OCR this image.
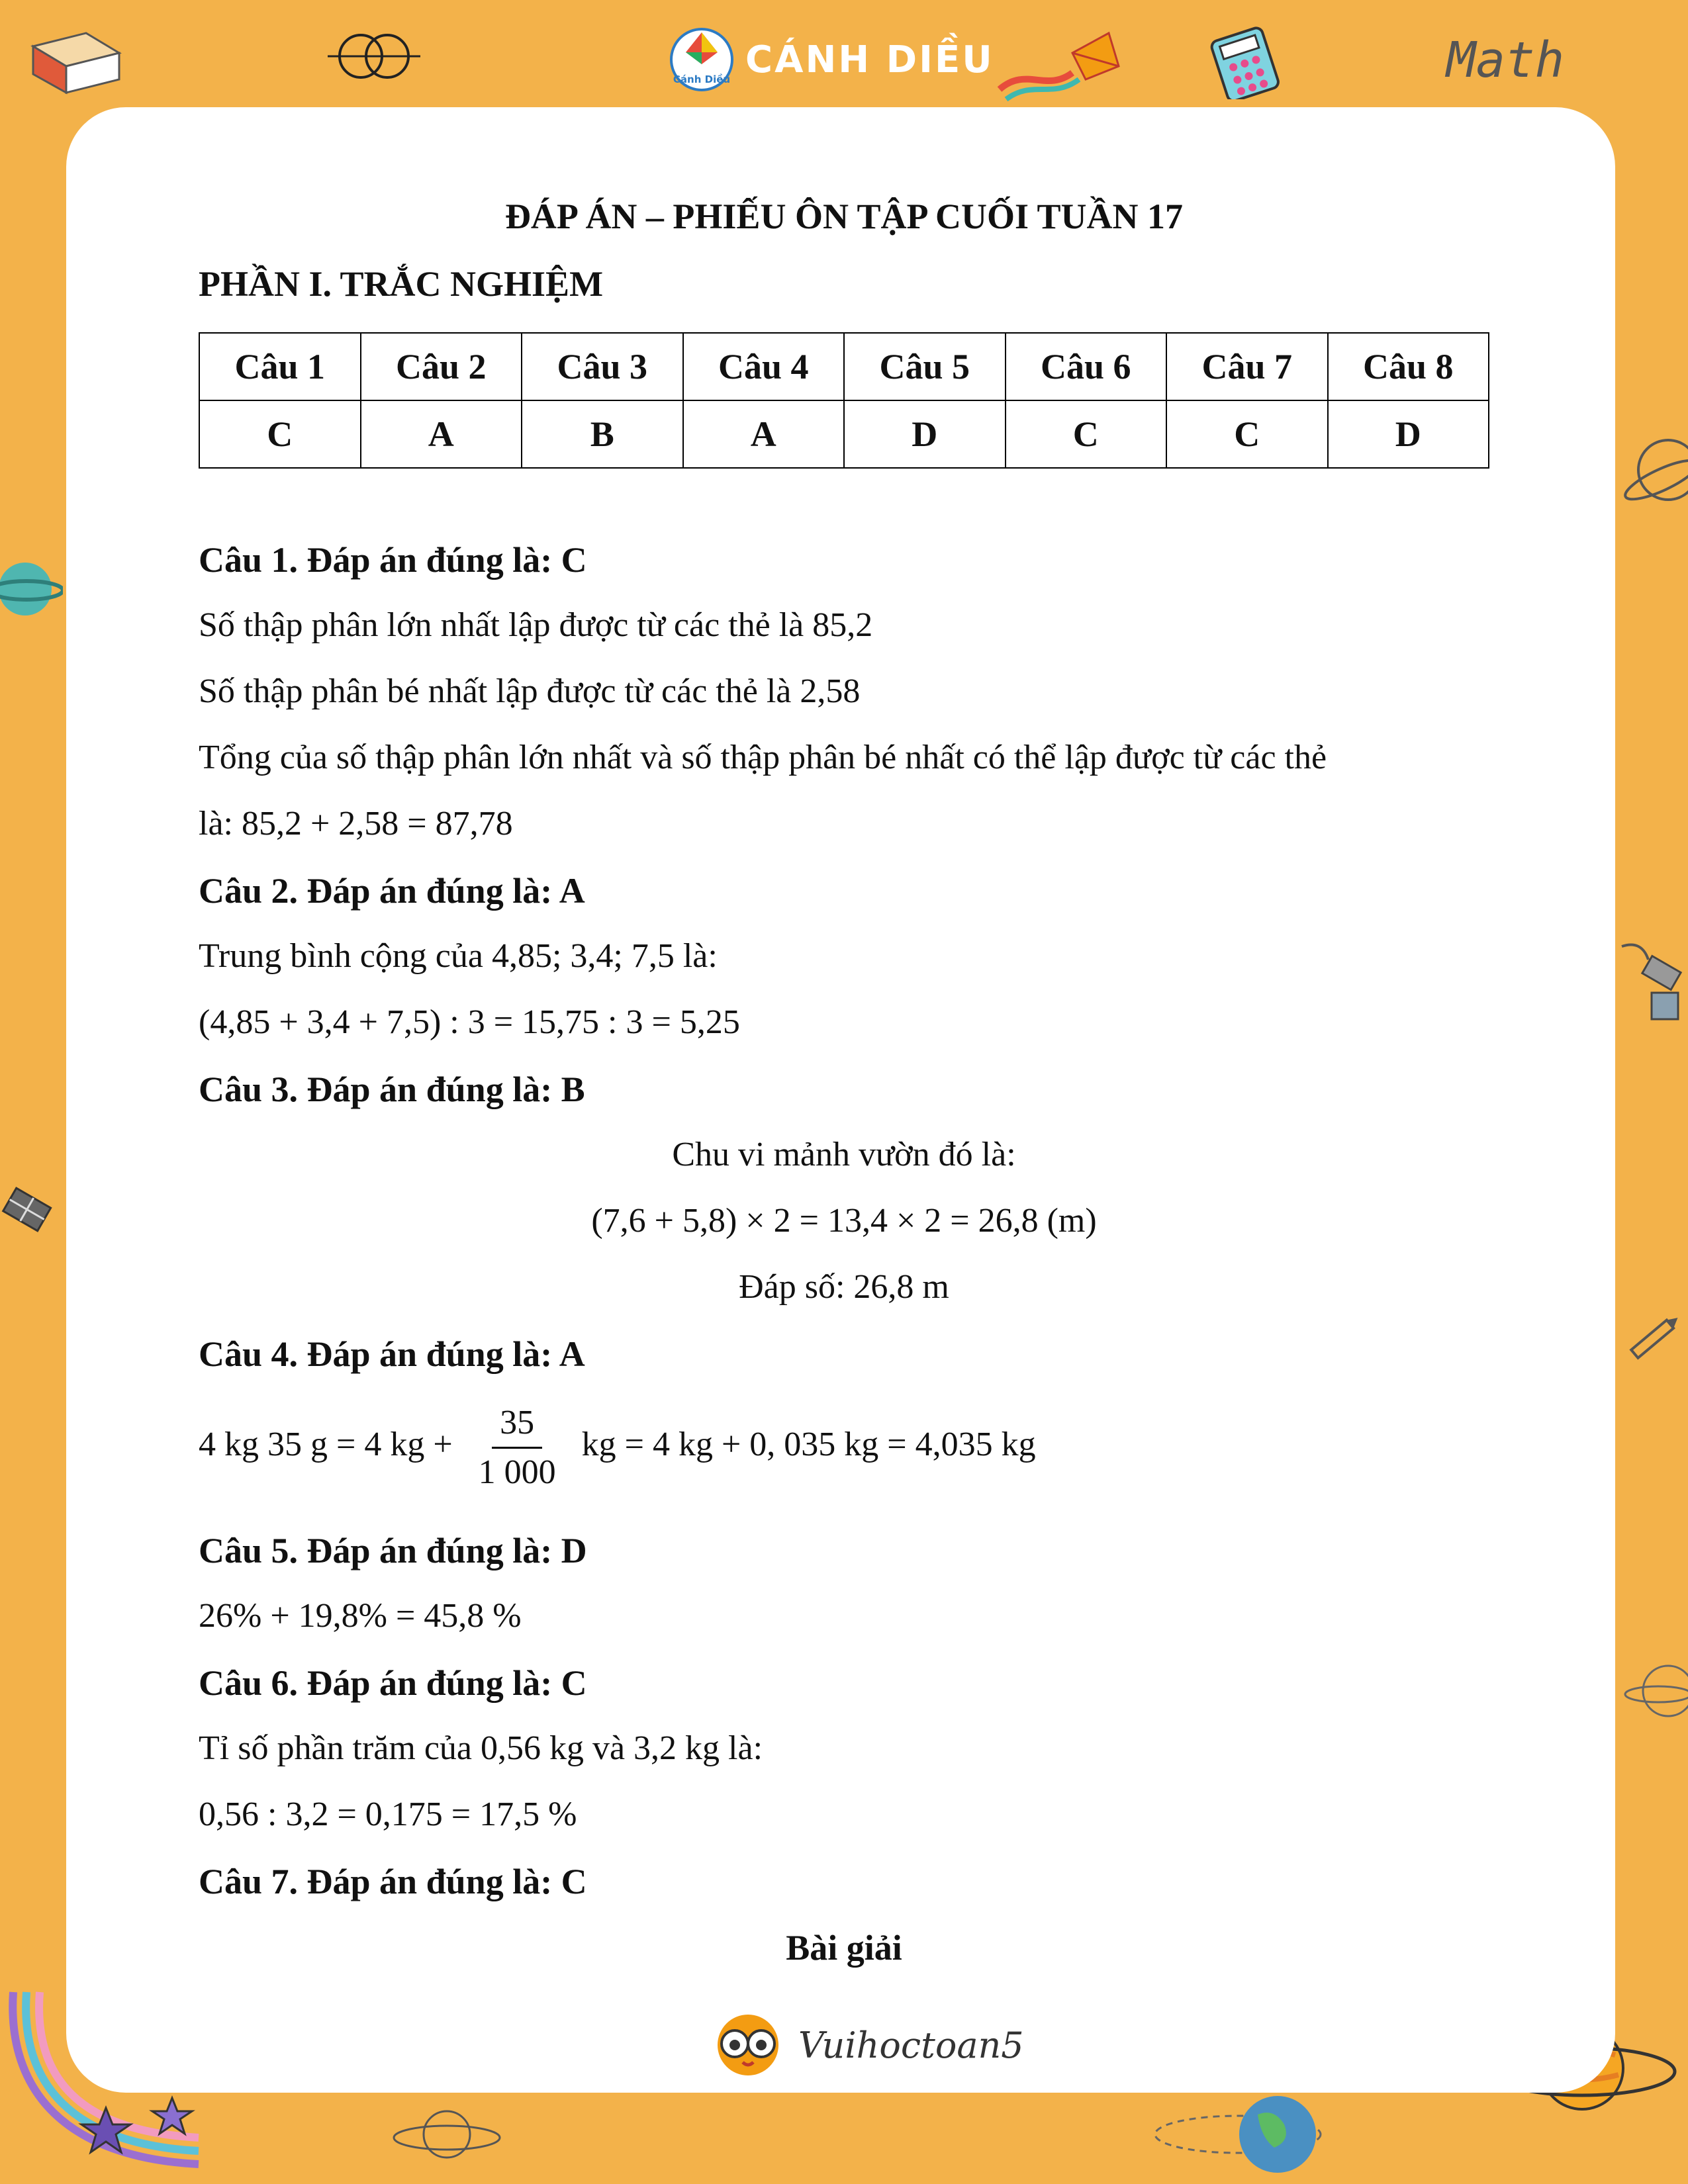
Cánh Diều CÁNH DIỀU	Math
ĐÁP ÁN – PHIẾU ÔN TẬP CUỐI TUẦN 17
PHẦN I. TRẮC NGHIỆM
Câu 1	Câu 2	Câu 3	Câu 4	Câu 5	Câu 6	Câu 7	Câu 8
C	A	B	A	D	C	C	D
Câu 1. Đáp án đúng là: C
Số thập phân lớn nhất lập được từ các thẻ là 85,2
Số thập phân bé nhất lập được từ các thẻ là 2,58
Tổng của số thập phân lớn nhất và số thập phân bé nhất có thể lập được từ các thẻ
là: 85,2 + 2,58 = 87,78
Câu 2. Đáp án đúng là: A
Trung bình cộng của 4,85; 3,4; 7,5 là:
(4,85 + 3,4 + 7,5) : 3 = 15,75 : 3 = 5,25
Câu 3. Đáp án đúng là: B
Chu vi mảnh vườn đó là:
(7,6 + 5,8) × 2 = 13,4 × 2 = 26,8 (m)
Đáp số: 26,8 m
Câu 4. Đáp án đúng là: A
4 kg 35 g = 4 kg + $\frac{35}{1 000}$ kg = 4 kg + 0, 035 kg = 4,035 kg
Câu 5. Đáp án đúng là: D
26% + 19,8% = 45,8 %
Câu 6. Đáp án đúng là: C
Tỉ số phần trăm của 0,56 kg và 3,2 kg là:
0,56 : 3,2 = 0,175 = 17,5 %
Câu 7. Đáp án đúng là: C
Bài giải
Vuihoctoan5
